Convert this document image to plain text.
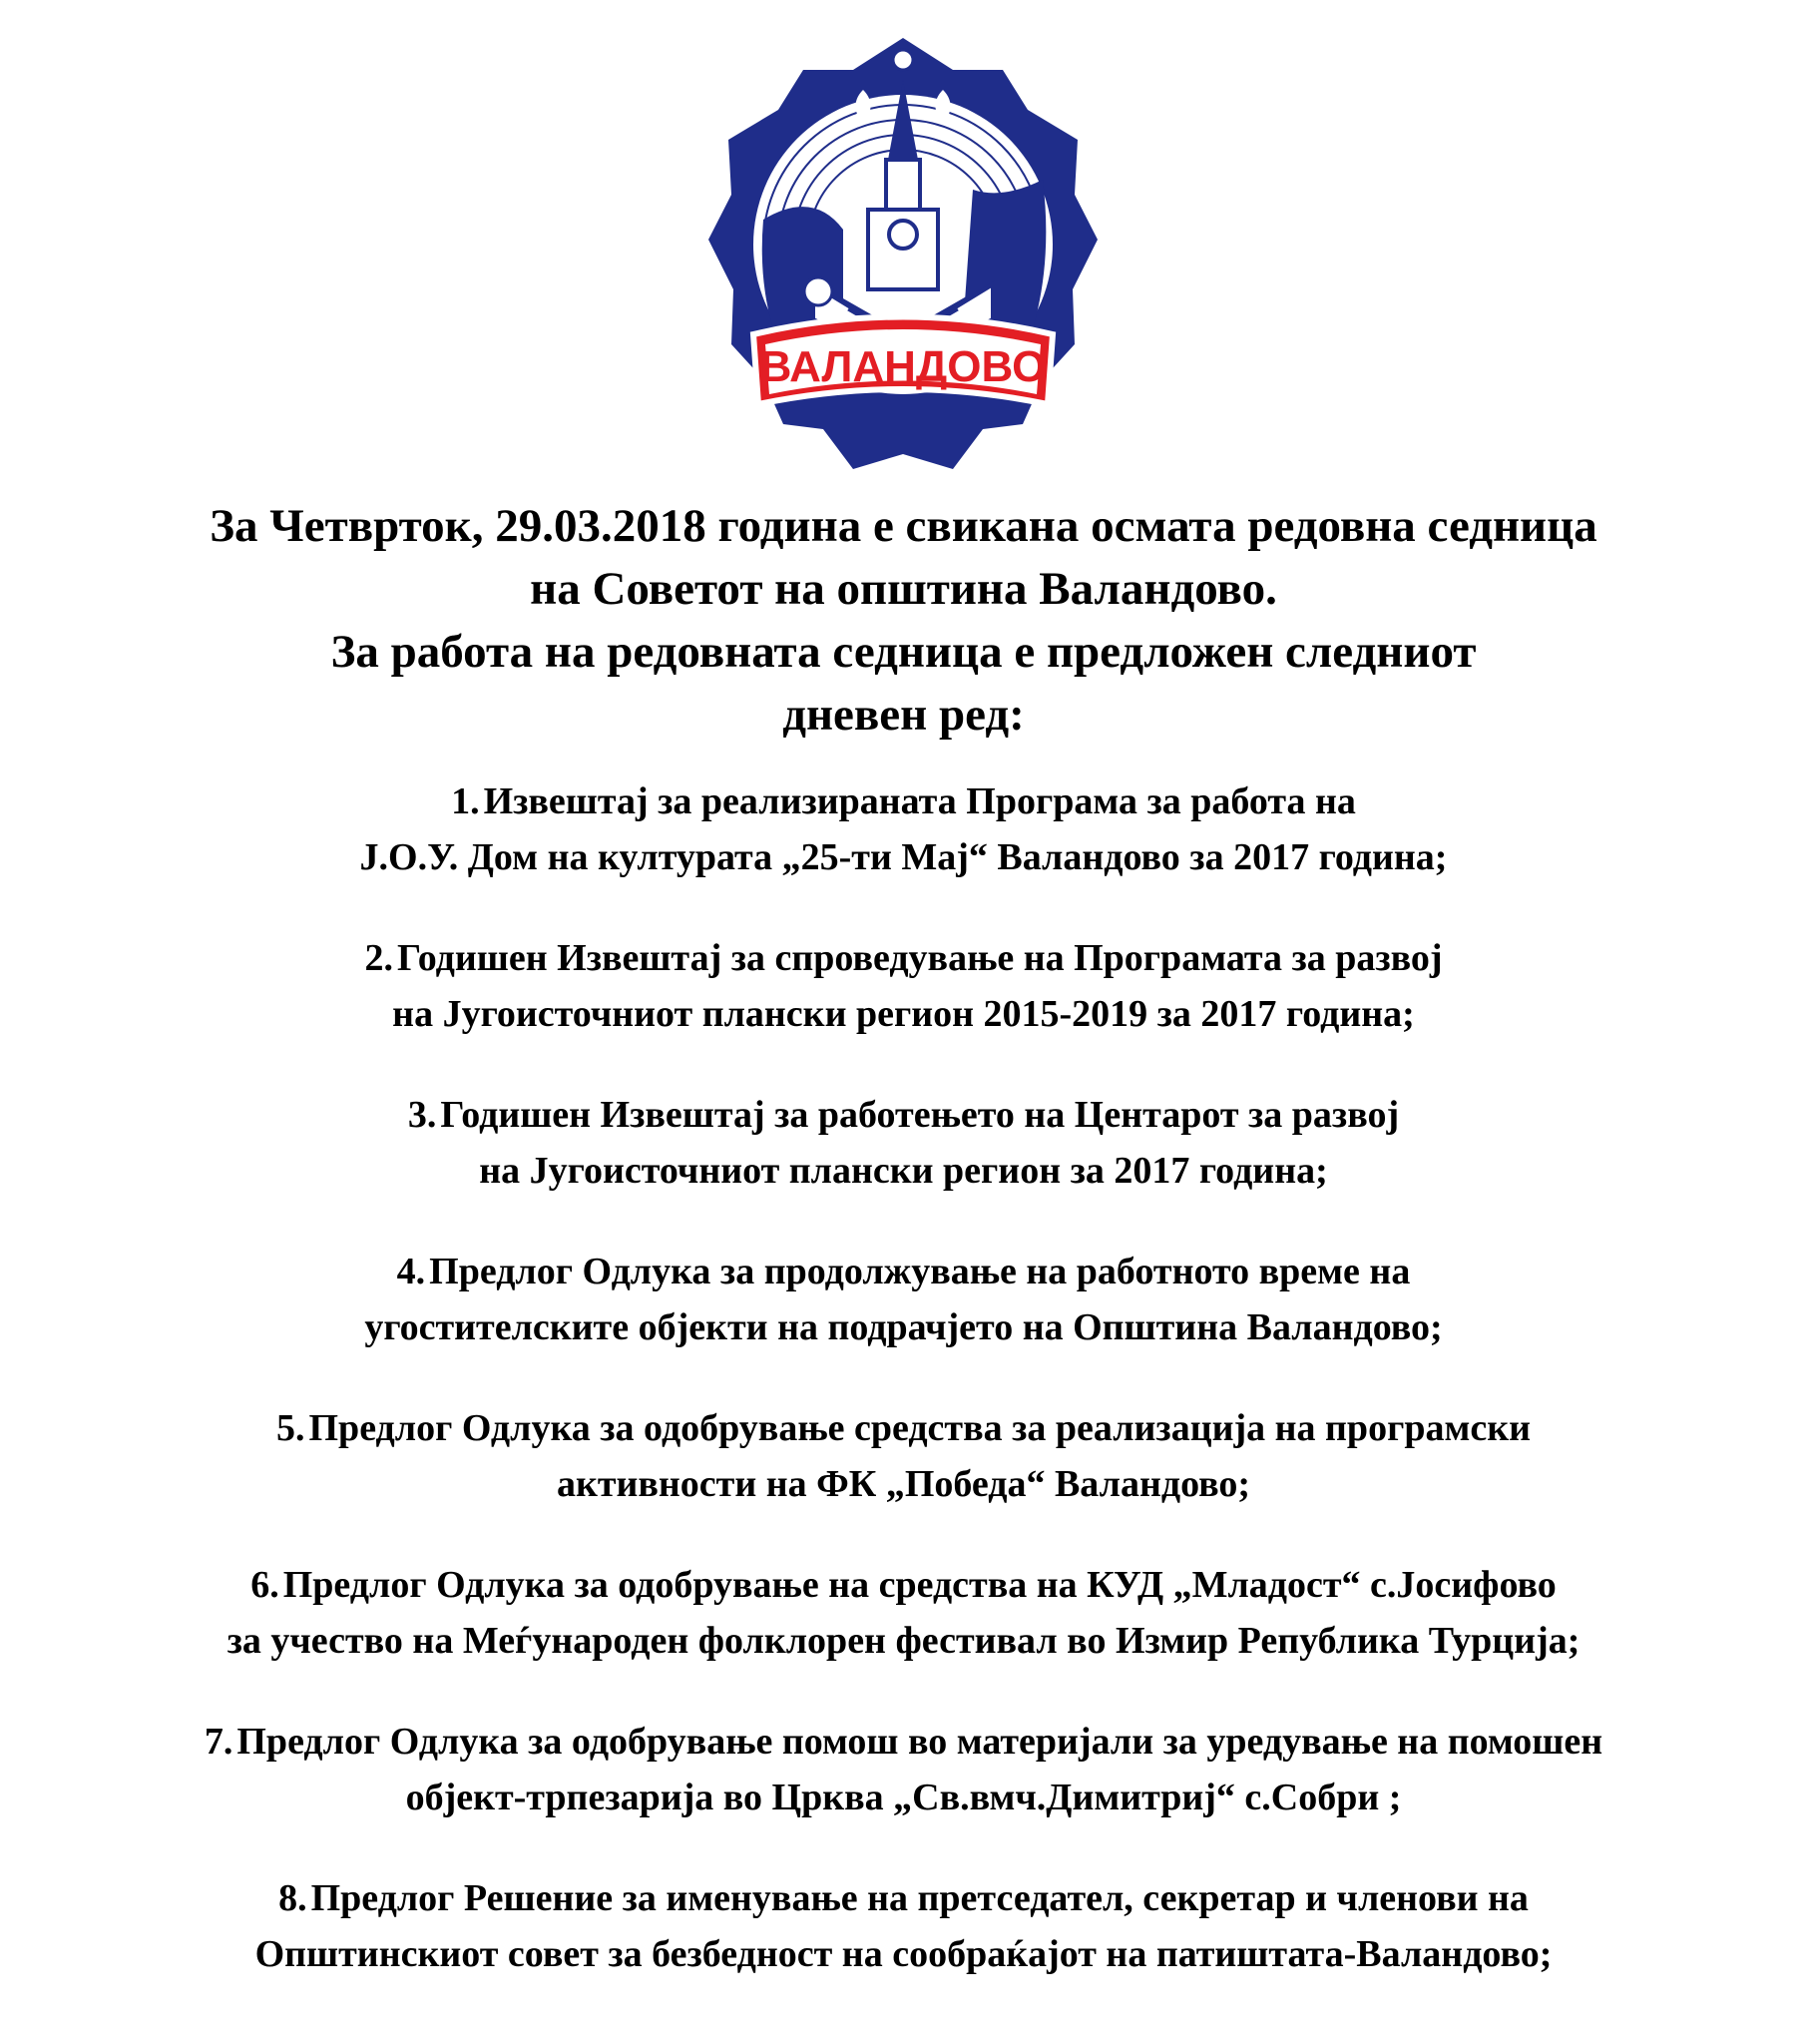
ВАЛАНДОВО
За Четврток, 29.03.2018 година е свикана осмата редовна седница
на Советот на општина Валандово.
За работа на редовната седница е предложен следниот
дневен ред:
1. Извештај за реализираната Програма за работа на
Ј.О.У. Дом на културата „25-ти Мај“ Валандово за 2017 година;
2. Годишен Извештај за спроведување на Програмата за развој
на Југоисточниот плански регион 2015-2019 за 2017 година;
3. Годишен Извештај за работењето на Центарот за развој
на Југоисточниот плански регион за 2017 година;
4. Предлог Одлука за продолжување на работното време на
угостителските објекти на подрачјето на Општина Валандово;
5. Предлог Одлука за одобрување средства за реализација на програмски
активности на ФК „Победа“ Валандово;
6. Предлог Одлука за одобрување на средства на КУД „Младост“ с.Јосифово
за учество на Меѓународен фолклорен фестивал во Измир Република Турција;
7. Предлог Одлука за одобрување помош во материјали за уредување на помошен
објект-трпезарија во Црква „Св.вмч.Димитриј“ с.Собри ;
8. Предлог Решение за именување на претседател, секретар и членови на
Општинскиот совет за безбедност на сообраќајот на патиштата-Валандово;
